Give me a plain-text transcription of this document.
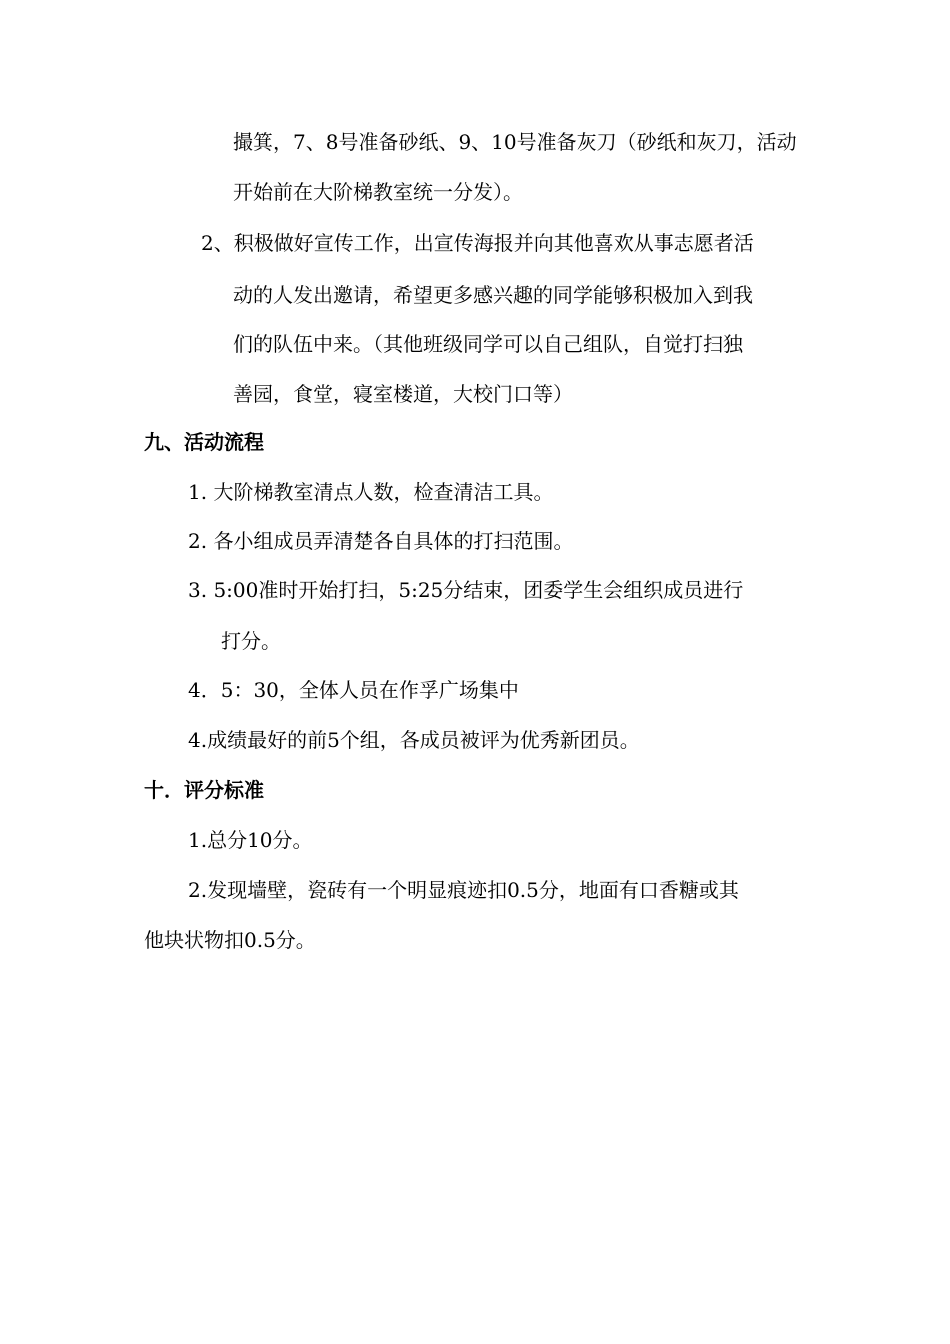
撮箕，7、8号准备砂纸、9、10号准备灰刀（砂纸和灰刀，活动
开始前在大阶梯教室统一分发）。
2、积极做好宣传工作，出宣传海报并向其他喜欢从事志愿者活
动的人发出邀请，希望更多感兴趣的同学能够积极加入到我
们的队伍中来。（其他班级同学可以自己组队，自觉打扫独
善园，食堂，寝室楼道，大校门口等）
九、活动流程
1. 大阶梯教室清点人数，检查清洁工具。
2. 各小组成员弄清楚各自具体的打扫范围。
3. 5:00准时开始打扫，5:25分结束，团委学生会组织成员进行
打分。
4．5：30，全体人员在作孚广场集中
4.成绩最好的前5个组，各成员被评为优秀新团员。
十．评分标准
1.总分10分。
2.发现墙壁，瓷砖有一个明显痕迹扣0.5分，地面有口香糖或其
他块状物扣0.5分。
